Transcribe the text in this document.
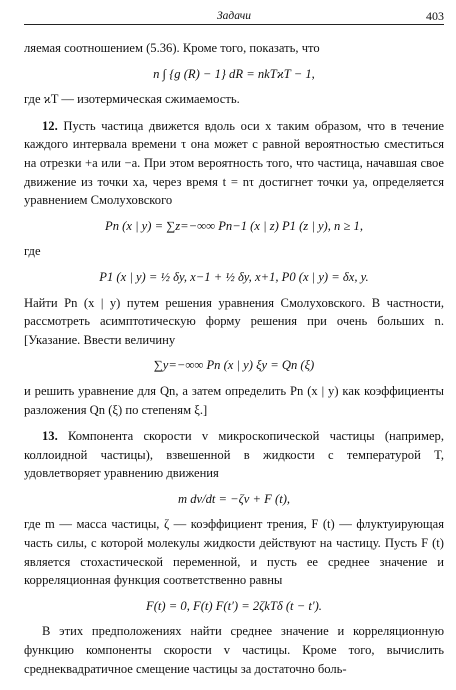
Задачи	403

ляемая соотношением (5.36). Кроме того, показать, что

n ∫ {g (R) − 1} dR = nkTϰT − 1,

где ϰT — изотермическая сжимаемость.

12. Пусть частица движется вдоль оси x таким образом, что в течение каждого интервала времени τ она может с равной вероятностью сместиться на отрезки +a или −a. При этом вероятность того, что частица, начавшая свое движение из точки xa, через время t = nτ достигнет точки ya, определяется уравнением Смолуховского

Pn (x | y) = ∑z=−∞∞ Pn−1 (x | z) P1 (z | y), n ≥ 1,

где

P1 (x | y) = ½ δy, x−1 + ½ δy, x+1, P0 (x | y) = δx, y.

Найти Pn (x | y) путем решения уравнения Смолуховского. В частности, рассмотреть асимптотическую форму решения при очень больших n. [Указание. Ввести величину

∑y=−∞∞ Pn (x | y) ξy = Qn (ξ)

и решить уравнение для Qn, а затем определить Pn (x | y) как коэффициенты разложения Qn (ξ) по степеням ξ.]

13. Компонента скорости v микроскопической частицы (например, коллоидной частицы), взвешенной в жидкости с температурой T, удовлетворяет уравнению движения

m dv/dt = −ζv + F (t),

где m — масса частицы, ζ — коэффициент трения, F (t) — флуктуирующая часть силы, с которой молекулы жидкости действуют на частицу. Пусть F (t) является стохастической переменной, и пусть ее среднее значение и корреляционная функция соответственно равны

F(t) = 0, F(t) F(t′) = 2ζkTδ (t − t′).

В этих предположениях найти среднее значение и корреляционную функцию компоненты скорости v частицы. Кроме того, вычислить среднеквадратичное смещение частицы за достаточно боль-
